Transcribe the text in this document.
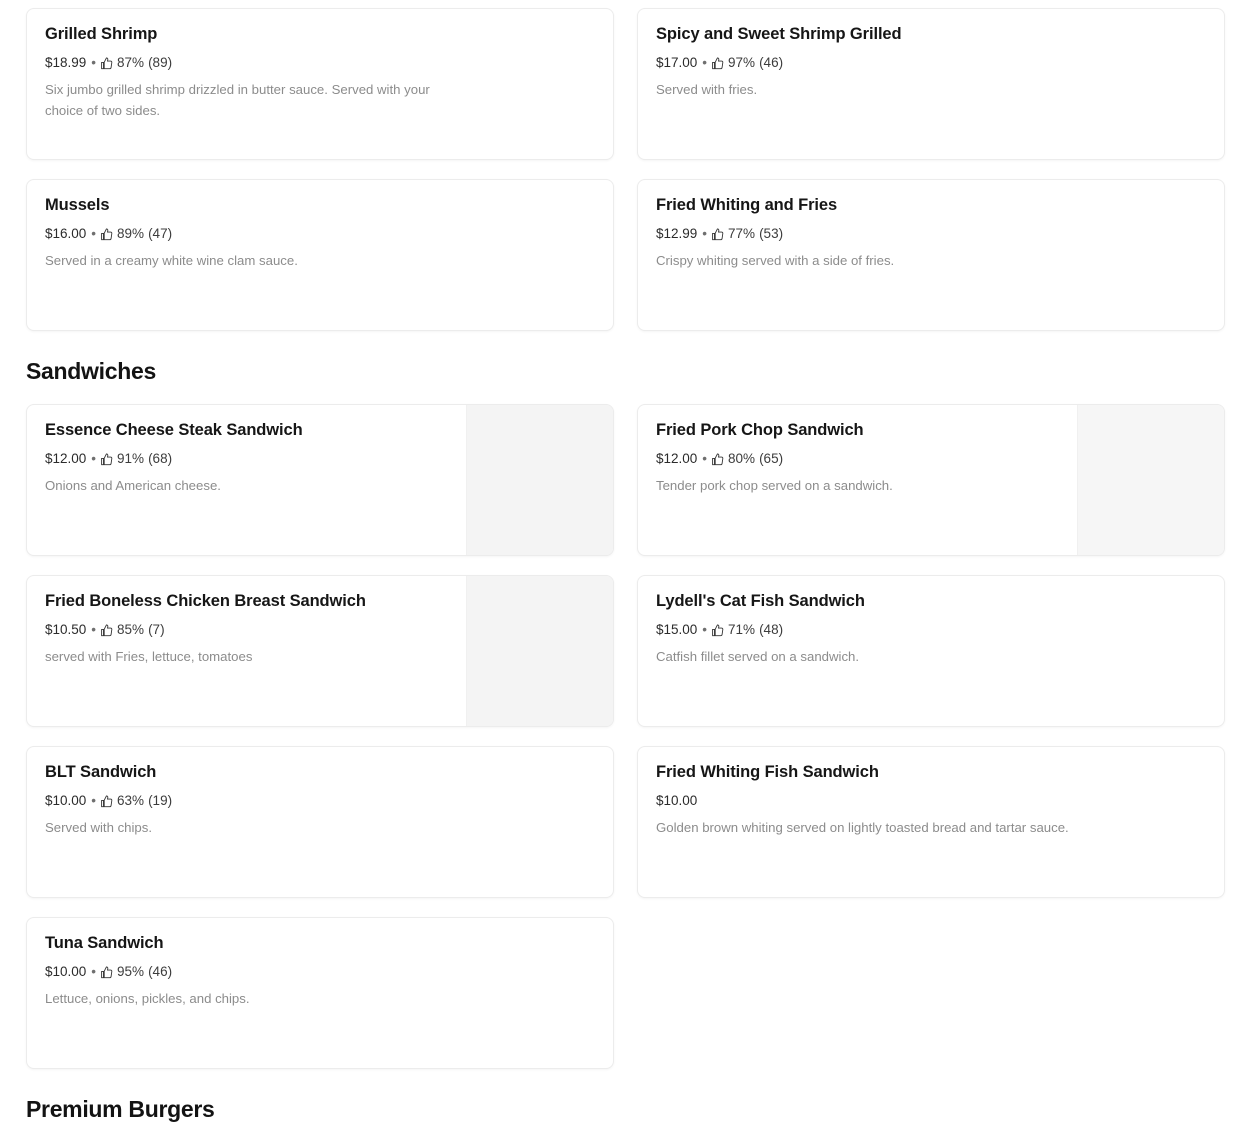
Grilled Shrimp
$18.99 • 87% (89)
Six jumbo grilled shrimp drizzled in butter sauce. Served with your choice of two sides.
Spicy and Sweet Shrimp Grilled
$17.00 • 97% (46)
Served with fries.
Mussels
$16.00 • 89% (47)
Served in a creamy white wine clam sauce.
Fried Whiting and Fries
$12.99 • 77% (53)
Crispy whiting served with a side of fries.
Sandwiches
Essence Cheese Steak Sandwich
$12.00 • 91% (68)
Onions and American cheese.
Fried Pork Chop Sandwich
$12.00 • 80% (65)
Tender pork chop served on a sandwich.
Fried Boneless Chicken Breast Sandwich
$10.50 • 85% (7)
served with Fries, lettuce, tomatoes
Lydell's Cat Fish Sandwich
$15.00 • 71% (48)
Catfish fillet served on a sandwich.
BLT Sandwich
$10.00 • 63% (19)
Served with chips.
Fried Whiting Fish Sandwich
$10.00
Golden brown whiting served on lightly toasted bread and tartar sauce.
Tuna Sandwich
$10.00 • 95% (46)
Lettuce, onions, pickles, and chips.
Premium Burgers
